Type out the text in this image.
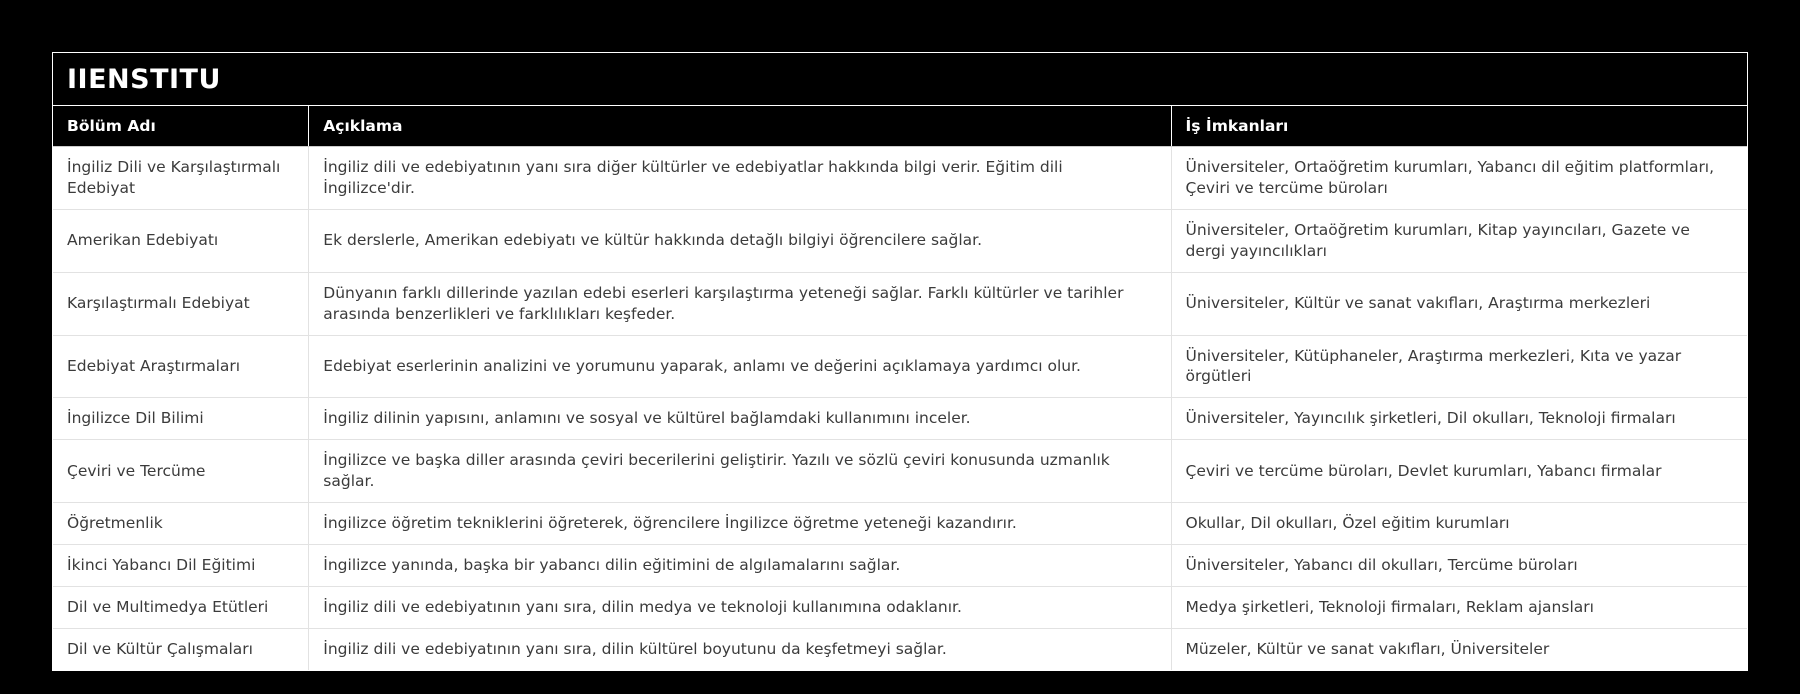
IIENSTITU
Bölüm Adı	Açıklama	İş İmkanları
İngiliz Dili ve Karşılaştırmalı Edebiyat	İngiliz dili ve edebiyatının yanı sıra diğer kültürler ve edebiyatlar hakkında bilgi verir. Eğitim dili İngilizce'dir.	Üniversiteler, Ortaöğretim kurumları, Yabancı dil eğitim platformları, Çeviri ve tercüme büroları
Amerikan Edebiyatı	Ek derslerle, Amerikan edebiyatı ve kültür hakkında detağlı bilgiyi öğrencilere sağlar.	Üniversiteler, Ortaöğretim kurumları, Kitap yayıncıları, Gazete ve dergi yayıncılıkları
Karşılaştırmalı Edebiyat	Dünyanın farklı dillerinde yazılan edebi eserleri karşılaştırma yeteneği sağlar. Farklı kültürler ve tarihler arasında benzerlikleri ve farklılıkları keşfeder.	Üniversiteler, Kültür ve sanat vakıfları, Araştırma merkezleri
Edebiyat Araştırmaları	Edebiyat eserlerinin analizini ve yorumunu yaparak, anlamı ve değerini açıklamaya yardımcı olur.	Üniversiteler, Kütüphaneler, Araştırma merkezleri, Kıta ve yazar örgütleri
İngilizce Dil Bilimi	İngiliz dilinin yapısını, anlamını ve sosyal ve kültürel bağlamdaki kullanımını inceler.	Üniversiteler, Yayıncılık şirketleri, Dil okulları, Teknoloji firmaları
Çeviri ve Tercüme	İngilizce ve başka diller arasında çeviri becerilerini geliştirir. Yazılı ve sözlü çeviri konusunda uzmanlık sağlar.	Çeviri ve tercüme büroları, Devlet kurumları, Yabancı firmalar
Öğretmenlik	İngilizce öğretim tekniklerini öğreterek, öğrencilere İngilizce öğretme yeteneği kazandırır.	Okullar, Dil okulları, Özel eğitim kurumları
İkinci Yabancı Dil Eğitimi	İngilizce yanında, başka bir yabancı dilin eğitimini de algılamalarını sağlar.	Üniversiteler, Yabancı dil okulları, Tercüme büroları
Dil ve Multimedya Etütleri	İngiliz dili ve edebiyatının yanı sıra, dilin medya ve teknoloji kullanımına odaklanır.	Medya şirketleri, Teknoloji firmaları, Reklam ajansları
Dil ve Kültür Çalışmaları	İngiliz dili ve edebiyatının yanı sıra, dilin kültürel boyutunu da keşfetmeyi sağlar.	Müzeler, Kültür ve sanat vakıfları, Üniversiteler
